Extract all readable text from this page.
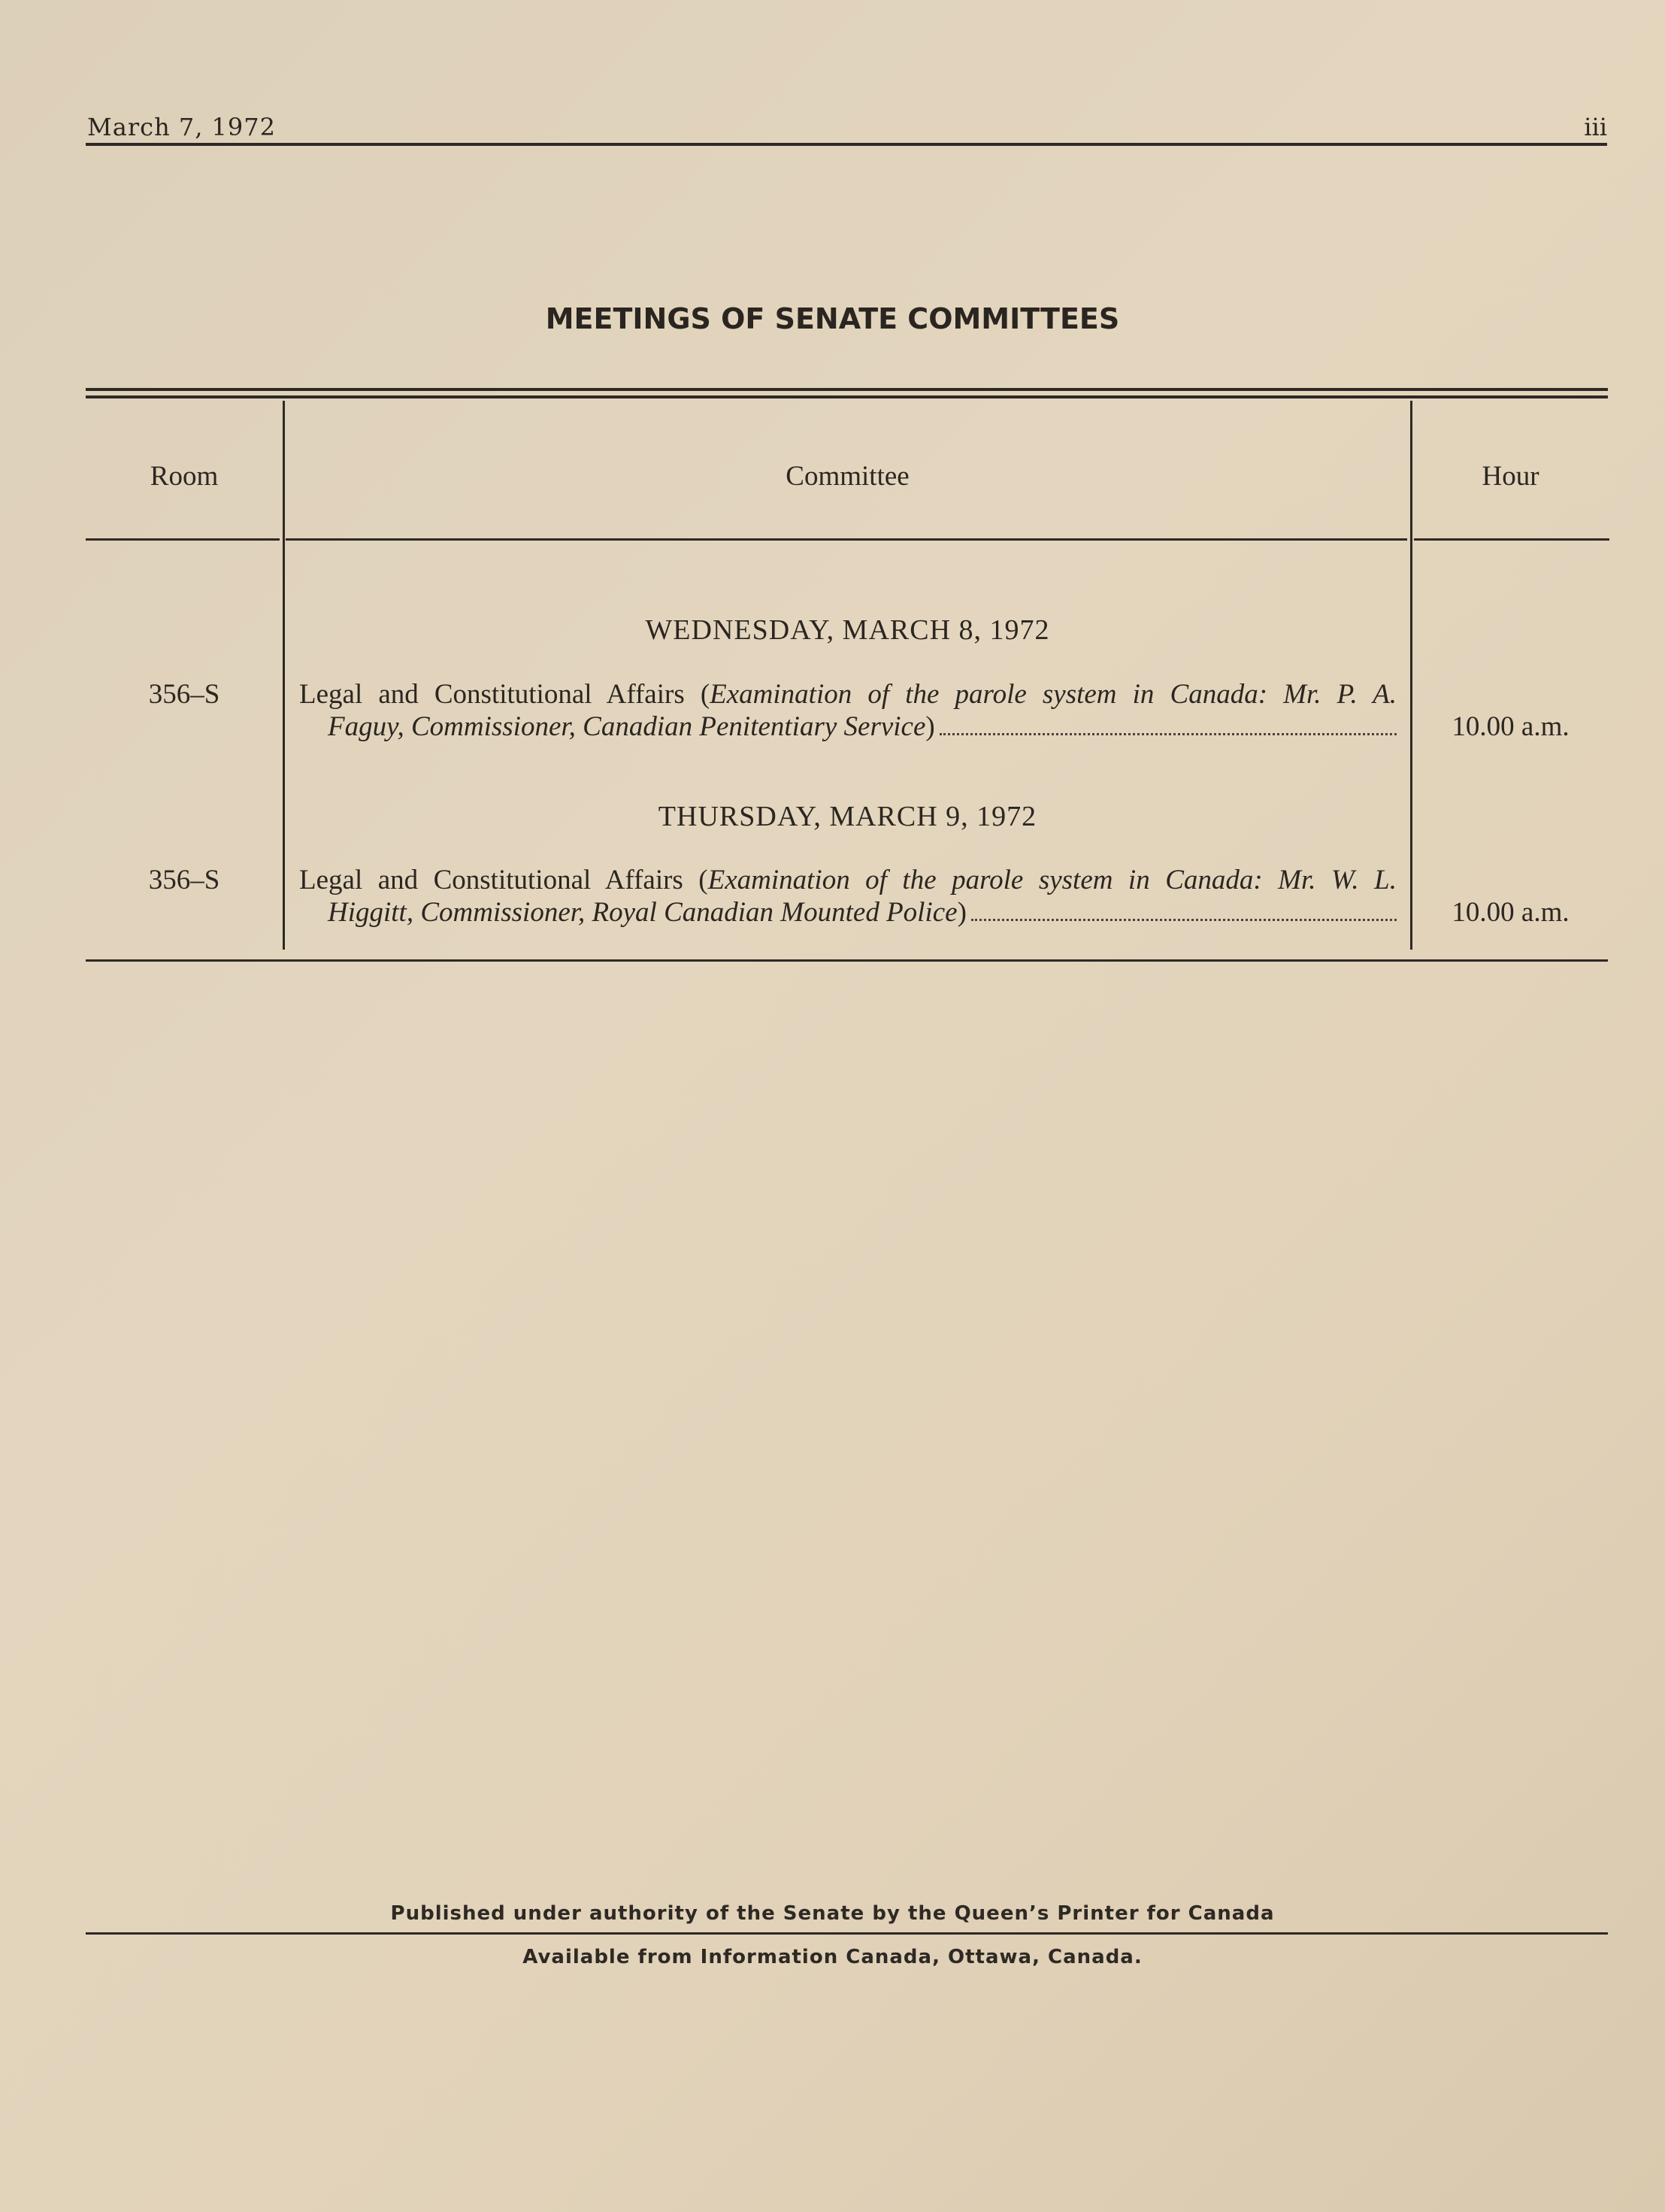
March 7, 1972	iii
MEETINGS OF SENATE COMMITTEES
Room	Committee	Hour
WEDNESDAY, MARCH 8, 1972
356–S	Legal and Constitutional Affairs (Examination of the parole system in Canada: Mr. P. A.
Faguy, Commissioner, Canadian Penitentiary Service)	10.00 a.m.
THURSDAY, MARCH 9, 1972
356–S	Legal and Constitutional Affairs (Examination of the parole system in Canada: Mr. W. L.
Higgitt, Commissioner, Royal Canadian Mounted Police)	10.00 a.m.
Published under authority of the Senate by the Queen’s Printer for Canada
Available from Information Canada, Ottawa, Canada.
